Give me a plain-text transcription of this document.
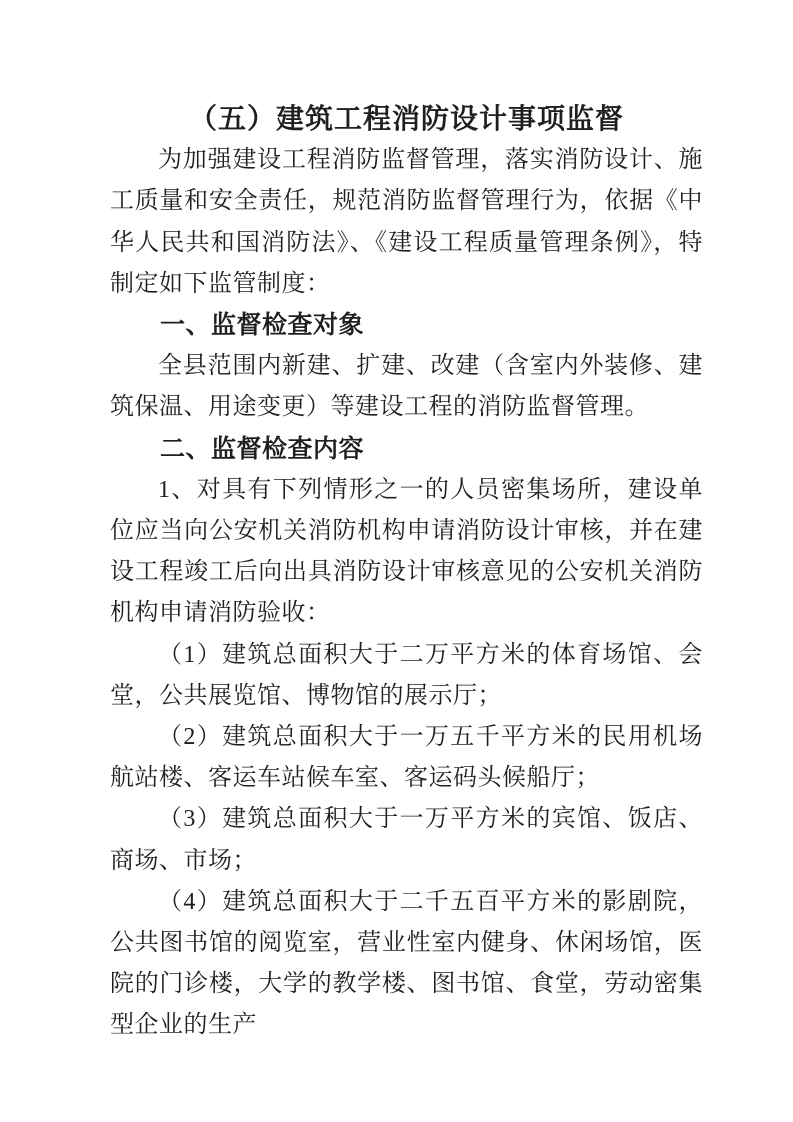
（五）建筑工程消防设计事项监督

为加强建设工程消防监督管理，落实消防设计、施工质量和安全责任，规范消防监督管理行为，依据《中华人民共和国消防法》、《建设工程质量管理条例》，特制定如下监管制度：

一、监督检查对象

全县范围内新建、扩建、改建（含室内外装修、建筑保温、用途变更）等建设工程的消防监督管理。

二、监督检查内容

1、对具有下列情形之一的人员密集场所，建设单位应当向公安机关消防机构申请消防设计审核，并在建设工程竣工后向出具消防设计审核意见的公安机关消防机构申请消防验收：

（1）建筑总面积大于二万平方米的体育场馆、会堂，公共展览馆、博物馆的展示厅；

（2）建筑总面积大于一万五千平方米的民用机场航站楼、客运车站候车室、客运码头候船厅；

（3）建筑总面积大于一万平方米的宾馆、饭店、商场、市场；

（4）建筑总面积大于二千五百平方米的影剧院，公共图书馆的阅览室，营业性室内健身、休闲场馆，医院的门诊楼，大学的教学楼、图书馆、食堂，劳动密集型企业的生产
